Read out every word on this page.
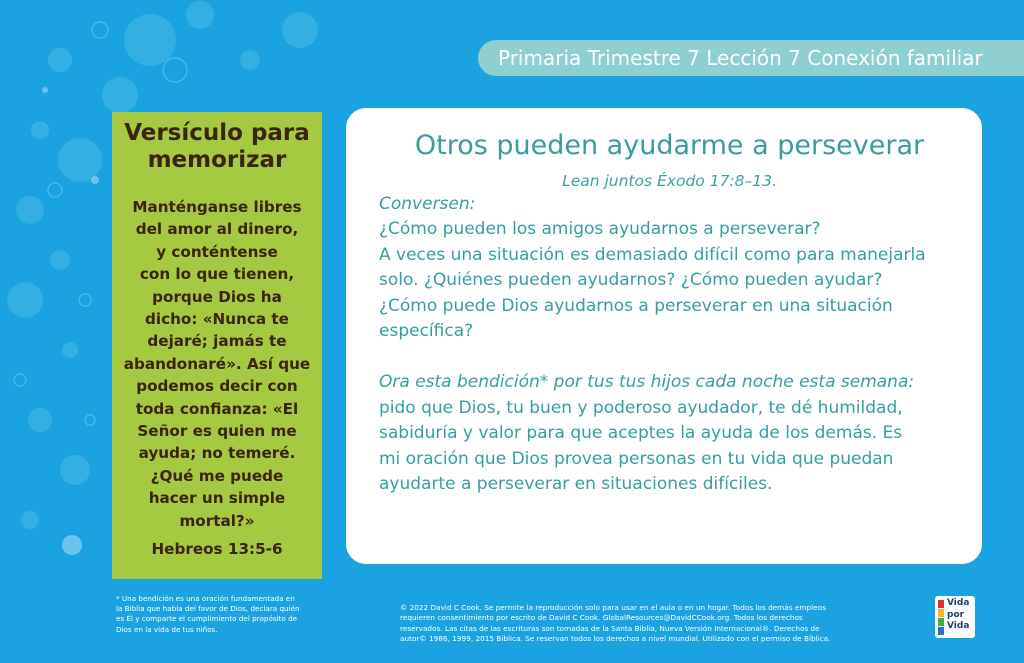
Primaria Trimestre 7 Lección 7 Conexión familiar
Versículo para
memorizar
Manténganse libres
del amor al dinero,
y conténtense
con lo que tienen,
porque Dios ha
dicho: «Nunca te
dejaré; jamás te
abandonaré». Así que
podemos decir con
toda confianza: «El
Señor es quien me
ayuda; no temeré.
¿Qué me puede
hacer un simple
mortal?»
Hebreos 13:5-6
Otros pueden ayudarme a perseverar
Lean juntos Éxodo 17:8–13.

Conversen:

¿Cómo pueden los amigos ayudarnos a perseverar?

A veces una situación es demasiado difícil como para manejarla

solo. ¿Quiénes pueden ayudarnos? ¿Cómo pueden ayudar?

¿Cómo puede Dios ayudarnos a perseverar en una situación

específica?

Ora esta bendición* por tus tus hijos cada noche esta semana:

pido que Dios, tu buen y poderoso ayudador, te dé humildad,

sabiduría y valor para que aceptes la ayuda de los demás. Es

mi oración que Dios provea personas en tu vida que puedan

ayudarte a perseverar en situaciones difíciles.

* Una bendición es una oración fundamentada en
la Biblia que habla del favor de Dios, declara quién
es Él y comparte el cumplimiento del propósito de
Dios en la vida de tus niños.
© 2022 David C Cook. Se permite la reproducción solo para usar en el aula o en un hogar. Todos los demás empleos
requieren consentimiento por escrito de David C Cook. GlobalResources@DavidCCook.org. Todos los derechos
reservados. Las citas de las escrituras son tomadas de la Santa Biblia, Nueva Versión Internacional®. Derechos de
autor© 1986, 1999, 2015 Bíblica. Se reservan todos los derechos a nivel mundial. Utilizado con el permiso de Bíblica.
Vida
por
Vida
